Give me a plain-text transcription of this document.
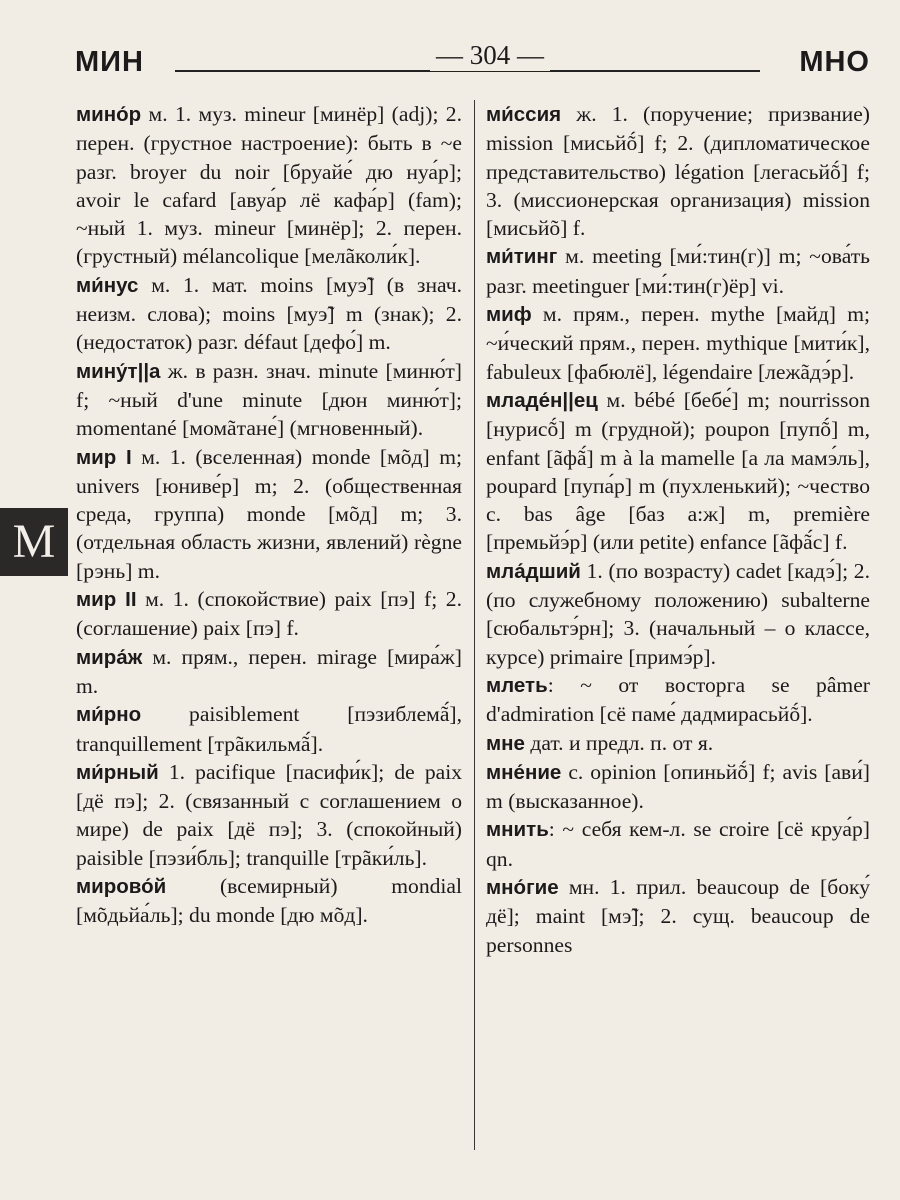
МИН	— 304 —	МНО
M

мино́р м. 1. муз. mineur [минёр] (adj); 2. перен. (грустное настроение): быть в ~е разг. broyer du noir [бруайе́ дю нуа́р]; avoir le cafard [авуа́р лё кафа́р] (fam); ~ный 1. муз. mineur [минёр]; 2. перен. (грустный) mélancolique [мелãколи́к].

ми́нус м. 1. мат. moins [муэ̃] (в знач. неизм. слова); moins [муэ̃] m (знак); 2. (недостаток) разг. défaut [дефо́] m.

мину́т||а ж. в разн. знач. minute [миню́т] f; ~ный d'une minute [дюн миню́т]; momentané [момãтане́] (мгновенный).

мир I м. 1. (вселенная) monde [мõд] m; univers [юниве́р] m; 2. (общественная среда, группа) monde [мõд] m; 3. (отдельная область жизни, явлений) règne [рэнь] m.

мир II м. 1. (спокойствие) paix [пэ] f; 2. (соглашение) paix [пэ] f.

мира́ж м. прям., перен. mirage [мира́ж] m.

ми́рно paisiblement [пэзиблемã́], tranquillement [трãкильмã́].

ми́рный 1. pacifique [пасифи́к]; de paix [дё пэ]; 2. (связанный с соглашением о мире) de paix [дё пэ]; 3. (спокойный) paisible [пэзи́бль]; tranquille [трãки́ль].

мирово́й (всемирный) mondial [мõдьйа́ль]; du monde [дю мõд].

ми́ссия ж. 1. (поручение; призвание) mission [мисьйṍ] f; 2. (дипломатическое представительство) légation [легасьйṍ] f; 3. (миссионерская организация) mission [мисьйõ] f.

ми́тинг м. meeting [ми́:тин(г)] m; ~ова́ть разг. meetinguer [ми́:тин(г)ёр] vi.

миф м. прям., перен. mythe [майд] m; ~и́ческий прям., перен. mythique [мити́к], fabuleux [фабюлё], légendaire [лежãдэ́р].

младе́н||ец м. bébé [бебе́] m; nourrisson [нурисṍ] m (грудной); poupon [пупṍ] m, enfant [ãфã́] m à la mamelle [а ла мамэ́ль], poupard [пупа́р] m (пухленький); ~чество с. bas âge [баз а:ж] m, première [премьйэ́р] (или petite) enfance [ãфã́с] f.

мла́дший 1. (по возрасту) cadet [кадэ́]; 2. (по служебному положению) subalterne [сюбальтэ́рн]; 3. (начальный – о классе, курсе) primaire [примэ́р].

млеть: ~ от восторга se pâmer d'admiration [сё паме́ дадмирасьйṍ].

мне дат. и предл. п. от я.

мне́ние с. opinion [опиньйṍ] f; avis [ави́] m (высказанное).

мнить: ~ себя кем-л. se croire [сё круа́р] qn.

мно́гие мн. 1. прил. beaucoup de [боку́ дё]; maint [мэ̃]; 2. сущ. beaucoup de personnes
